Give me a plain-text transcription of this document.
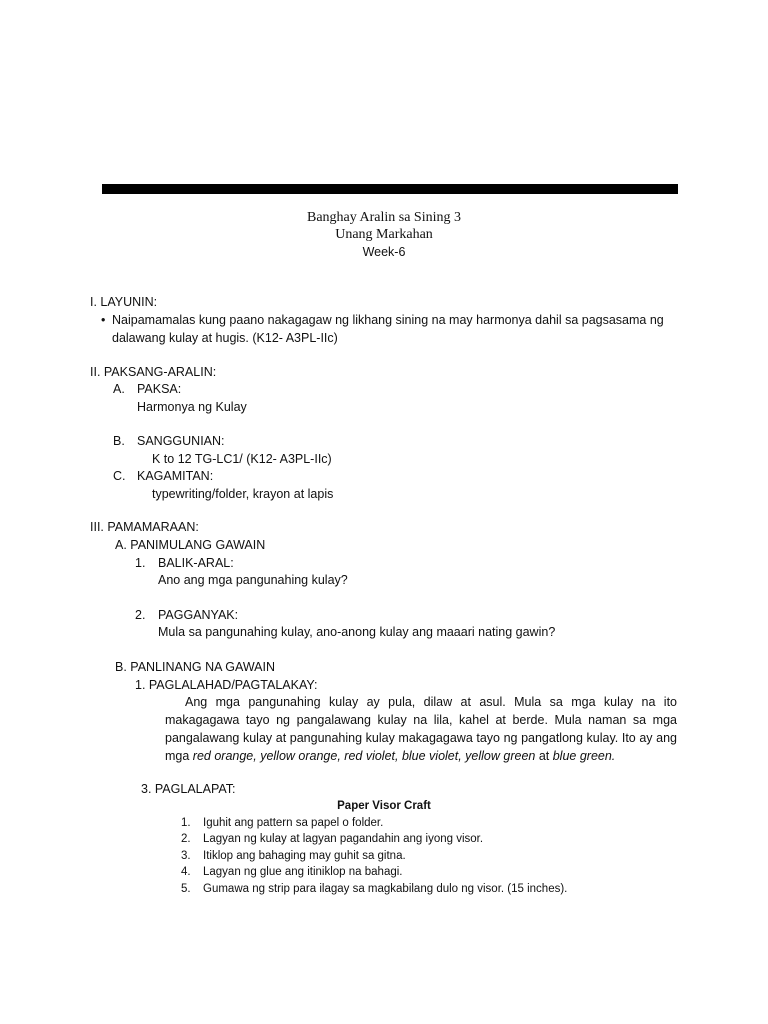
Banghay Aralin sa Sining 3
Unang Markahan
Week-6
I. LAYUNIN:
• Naipamamalas kung paano nakagagaw ng likhang sining na may harmonya dahil sa pagsasama ng
dalawang kulay at hugis. (K12- A3PL-IIc)
II. PAKSANG-ARALIN:
A. PAKSA:
Harmonya ng Kulay
B. SANGGUNIAN:
K to 12 TG-LC1/ (K12- A3PL-IIc)
C. KAGAMITAN:
typewriting/folder, krayon at lapis
III. PAMAMARAAN:
A. PANIMULANG GAWAIN
1. BALIK-ARAL:
Ano ang mga pangunahing kulay?
2. PAGGANYAK:
Mula sa pangunahing kulay, ano-anong kulay ang maaari nating gawin?
B. PANLINANG NA GAWAIN
1. PAGLALAHAD/PAGTALAKAY:
Ang mga pangunahing kulay ay pula, dilaw at asul. Mula sa mga kulay na ito
makagagawa tayo ng pangalawang kulay na lila, kahel at berde. Mula naman sa mga
pangalawang kulay at pangunahing kulay makagagawa tayo ng pangatlong kulay. Ito ay ang
mga red orange, yellow orange, red violet, blue violet, yellow green at blue green.
3. PAGLALAPAT:
Paper Visor Craft
1. Iguhit ang pattern sa papel o folder.
2. Lagyan ng kulay at lagyan pagandahin ang iyong visor.
3. Itiklop ang bahaging may guhit sa gitna.
4. Lagyan ng glue ang itiniklop na bahagi.
5. Gumawa ng strip para ilagay sa magkabilang dulo ng visor. (15 inches).
